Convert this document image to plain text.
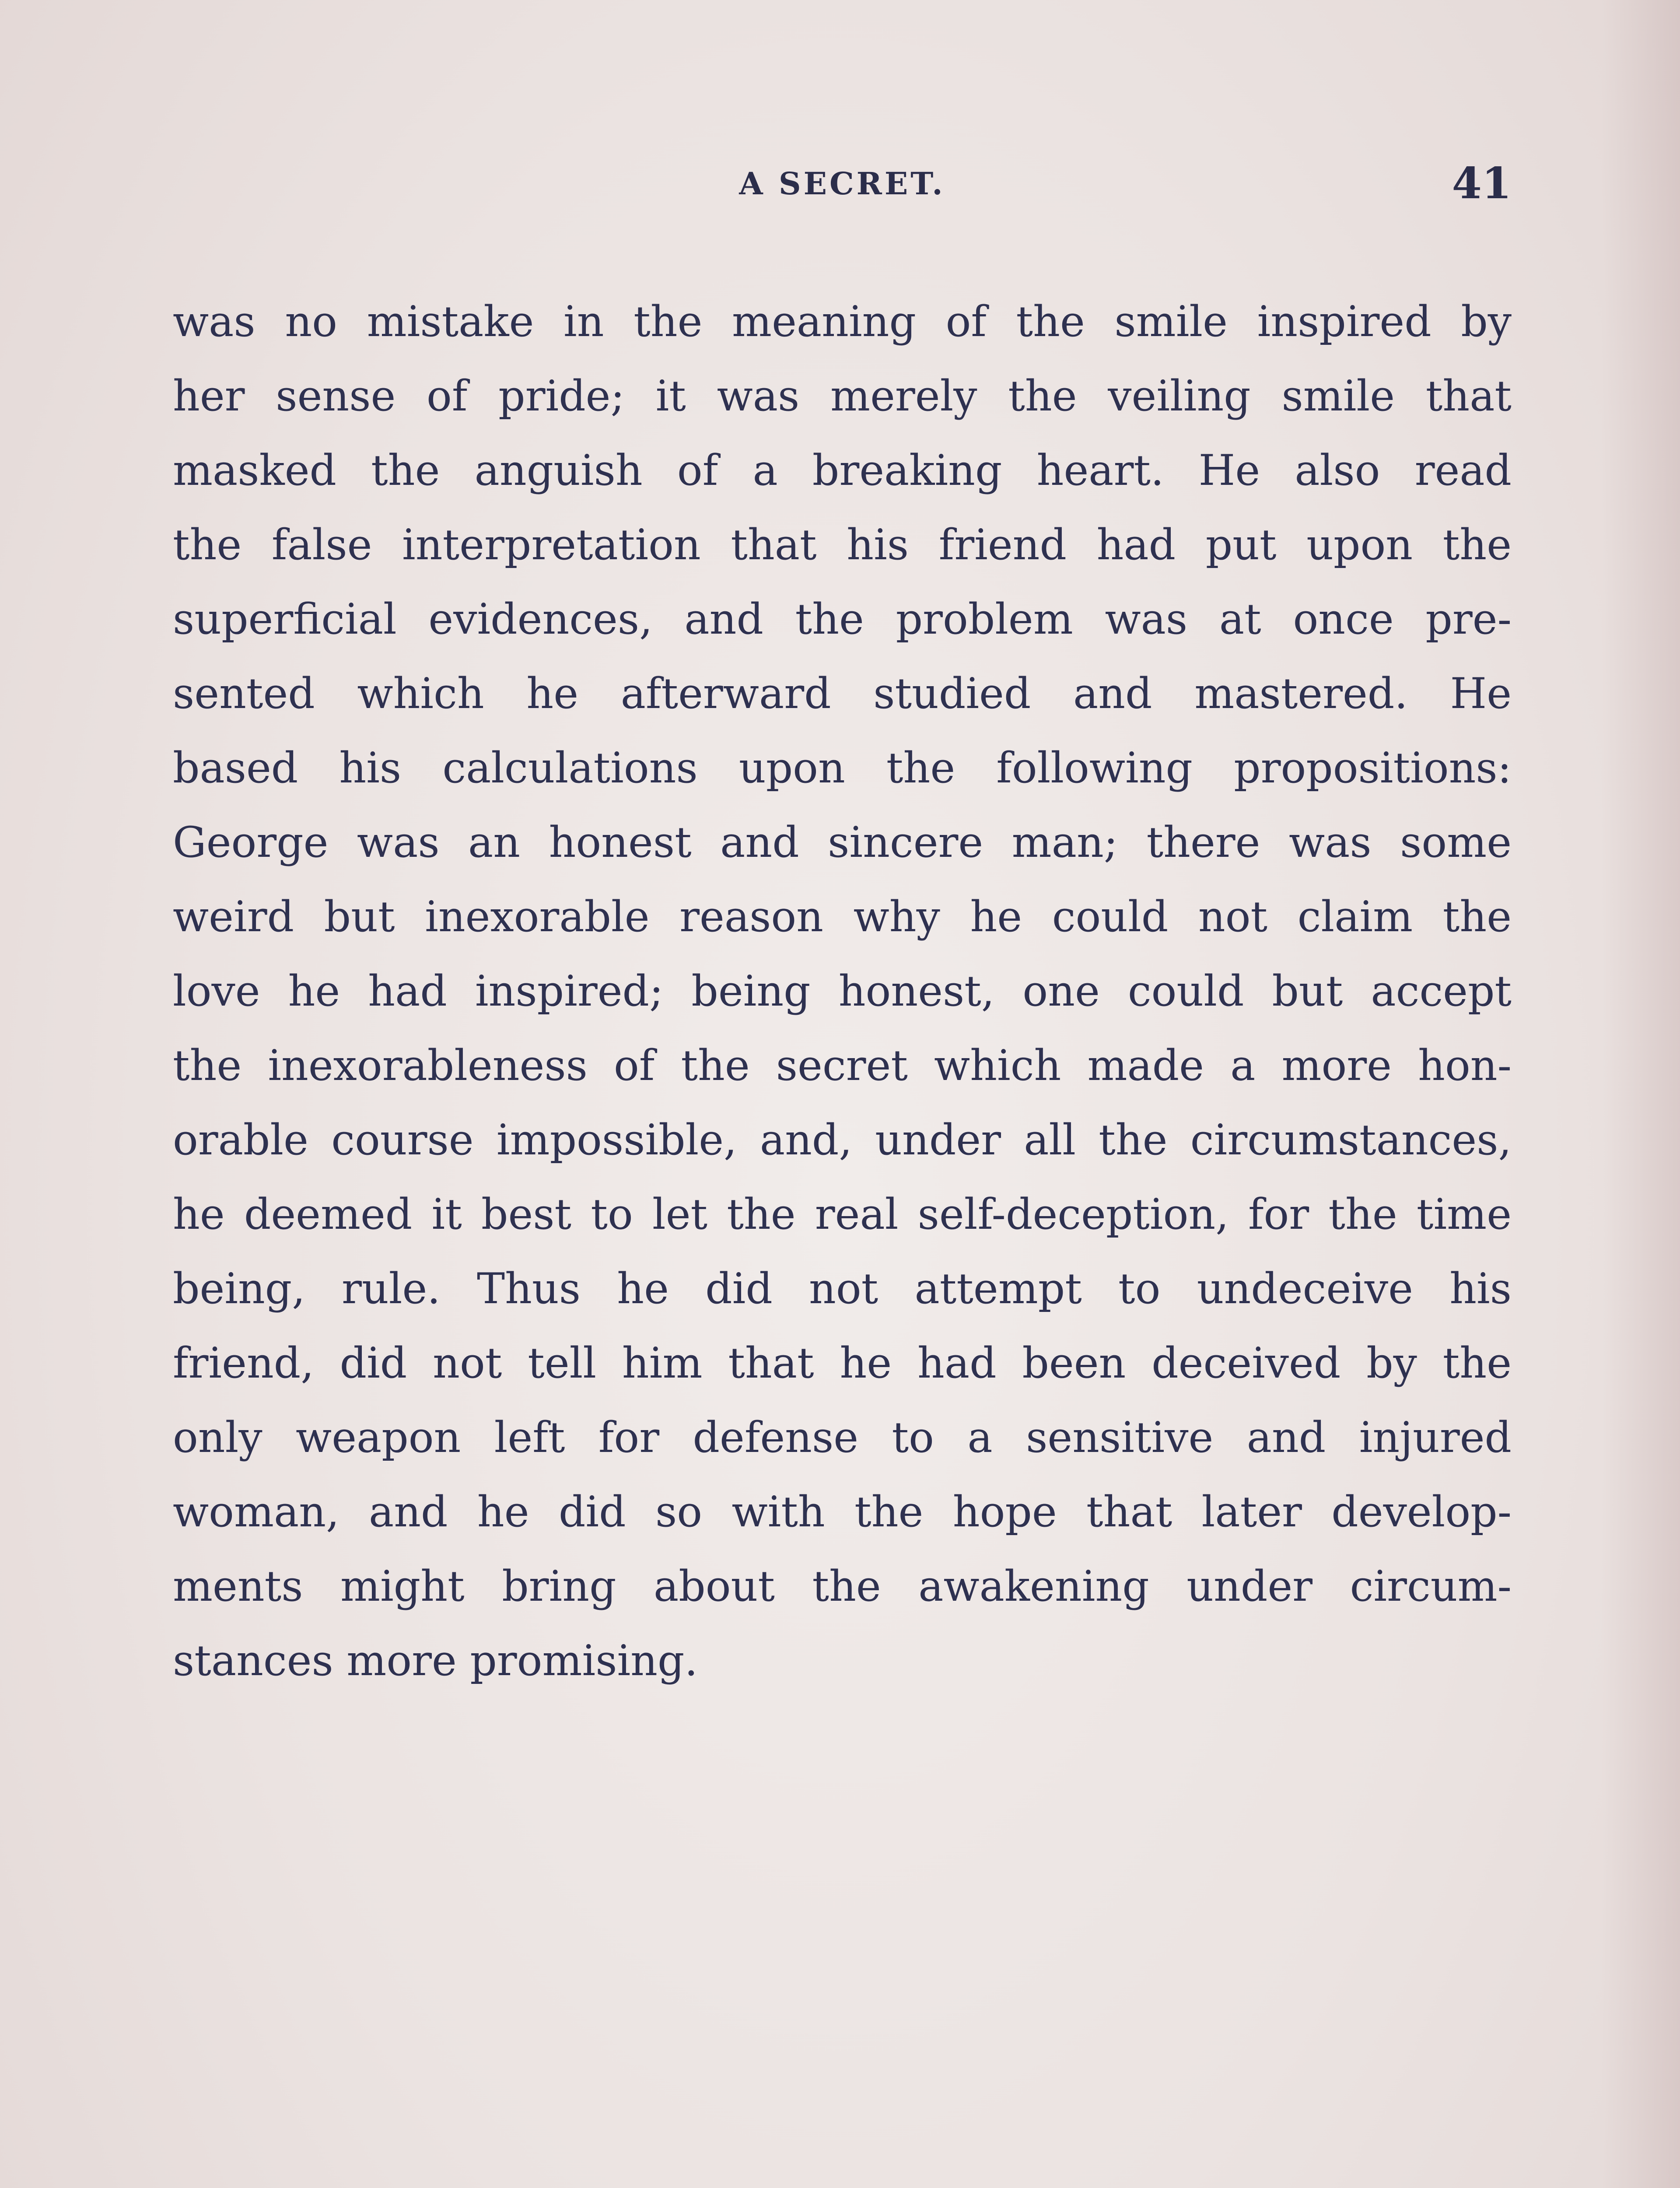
A SECRET.	41
was no mistake in the meaning of the smile inspired by
her sense of pride; it was merely the veiling smile that
masked the anguish of a breaking heart. He also read
the false interpretation that his friend had put upon the
superficial evidences, and the problem was at once pre-
sented which he afterward studied and mastered. He
based his calculations upon the following propositions:
George was an honest and sincere man; there was some
weird but inexorable reason why he could not claim the
love he had inspired; being honest, one could but accept
the inexorableness of the secret which made a more hon-
orable course impossible, and, under all the circumstances,
he deemed it best to let the real self-deception, for the time
being, rule. Thus he did not attempt to undeceive his
friend, did not tell him that he had been deceived by the
only weapon left for defense to a sensitive and injured
woman, and he did so with the hope that later develop-
ments might bring about the awakening under circum-
stances more promising.
